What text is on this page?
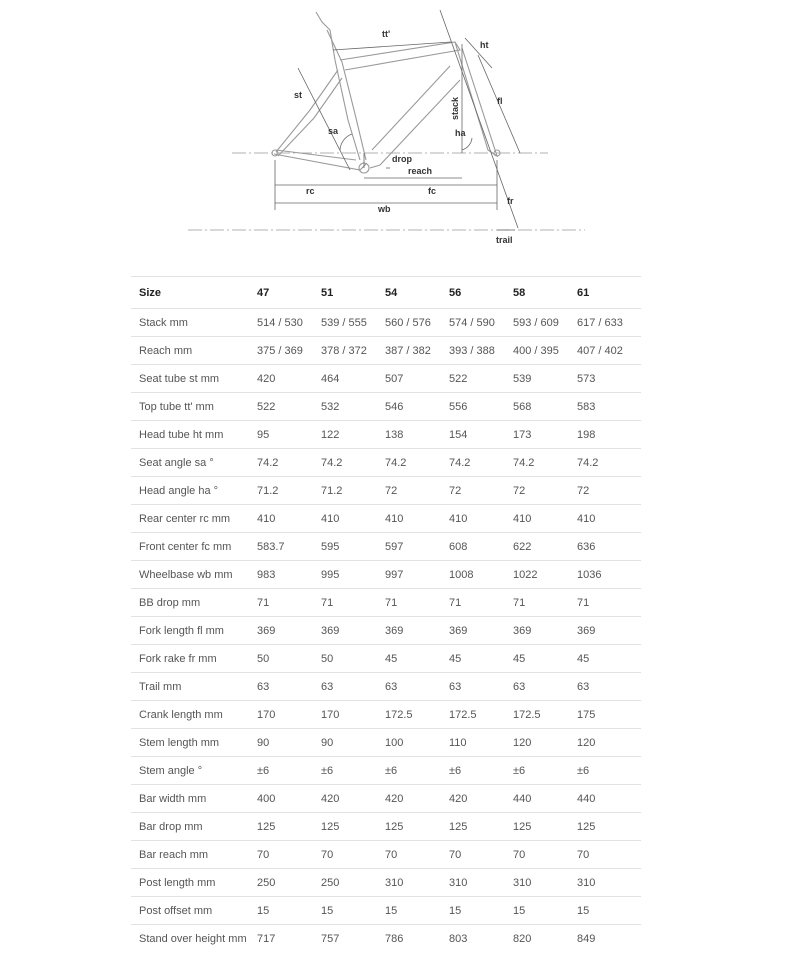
tt'
ht
st
fl
stack
sa	ha
drop
reach
rc	fc
wb
fr
trail
Size	47	51	54	56	58	61
Stack mm	514 / 530	539 / 555	560 / 576	574 / 590	593 / 609	617 / 633
Reach mm	375 / 369	378 / 372	387 / 382	393 / 388	400 / 395	407 / 402
Seat tube st mm	420	464	507	522	539	573
Top tube tt' mm	522	532	546	556	568	583
Head tube ht mm	95	122	138	154	173	198
Seat angle sa °	74.2	74.2	74.2	74.2	74.2	74.2
Head angle ha °	71.2	71.2	72	72	72	72
Rear center rc mm	410	410	410	410	410	410
Front center fc mm	583.7	595	597	608	622	636
Wheelbase wb mm	983	995	997	1008	1022	1036
BB drop mm	71	71	71	71	71	71
Fork length fl mm	369	369	369	369	369	369
Fork rake fr mm	50	50	45	45	45	45
Trail mm	63	63	63	63	63	63
Crank length mm	170	170	172.5	172.5	172.5	175
Stem length mm	90	90	100	110	120	120
Stem angle °	±6	±6	±6	±6	±6	±6
Bar width mm	400	420	420	420	440	440
Bar drop mm	125	125	125	125	125	125
Bar reach mm	70	70	70	70	70	70
Post length mm	250	250	310	310	310	310
Post offset mm	15	15	15	15	15	15
Stand over height mm	717	757	786	803	820	849
